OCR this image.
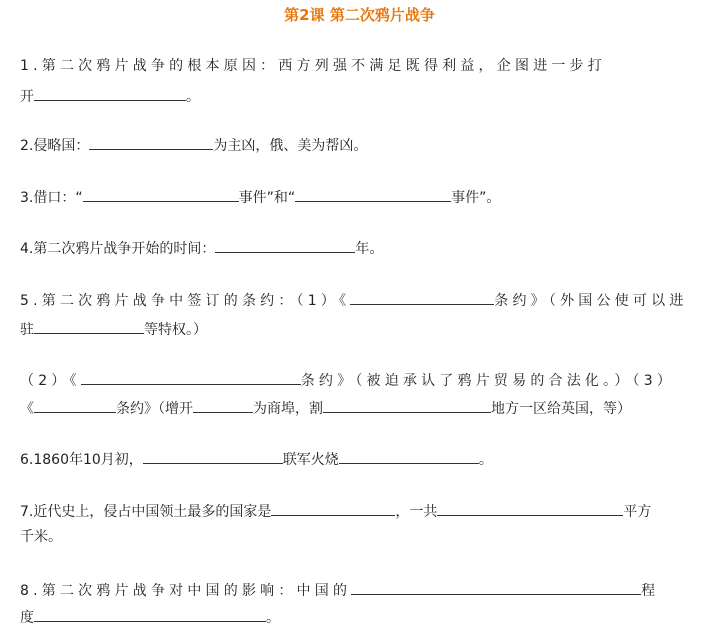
第2课 第二次鸦片战争
1.第二次鸦片战争的根本原因：西方列强不满足既得利益，企图进一步打
开	。
2.侵略国：	为主凶，俄、美为帮凶。
3.借口：“	事件”和“	事件”。
4.第二次鸦片战争开始的时间：	年。
5.第二次鸦片战争中签订的条约：（1）《	条约》（外国公使可以进
驻	等特权。）
（2）《	条约》（被迫承认了鸦片贸易的合法化。）（3）
《	条约》（增开	为商埠，割	地方一区给英国，等）
6.1860年10月初，	联军火烧	。
7.近代史上，侵占中国领土最多的国家是	，一共	平方
千米。
8.第二次鸦片战争对中国的影响：中国的	程
度	。
